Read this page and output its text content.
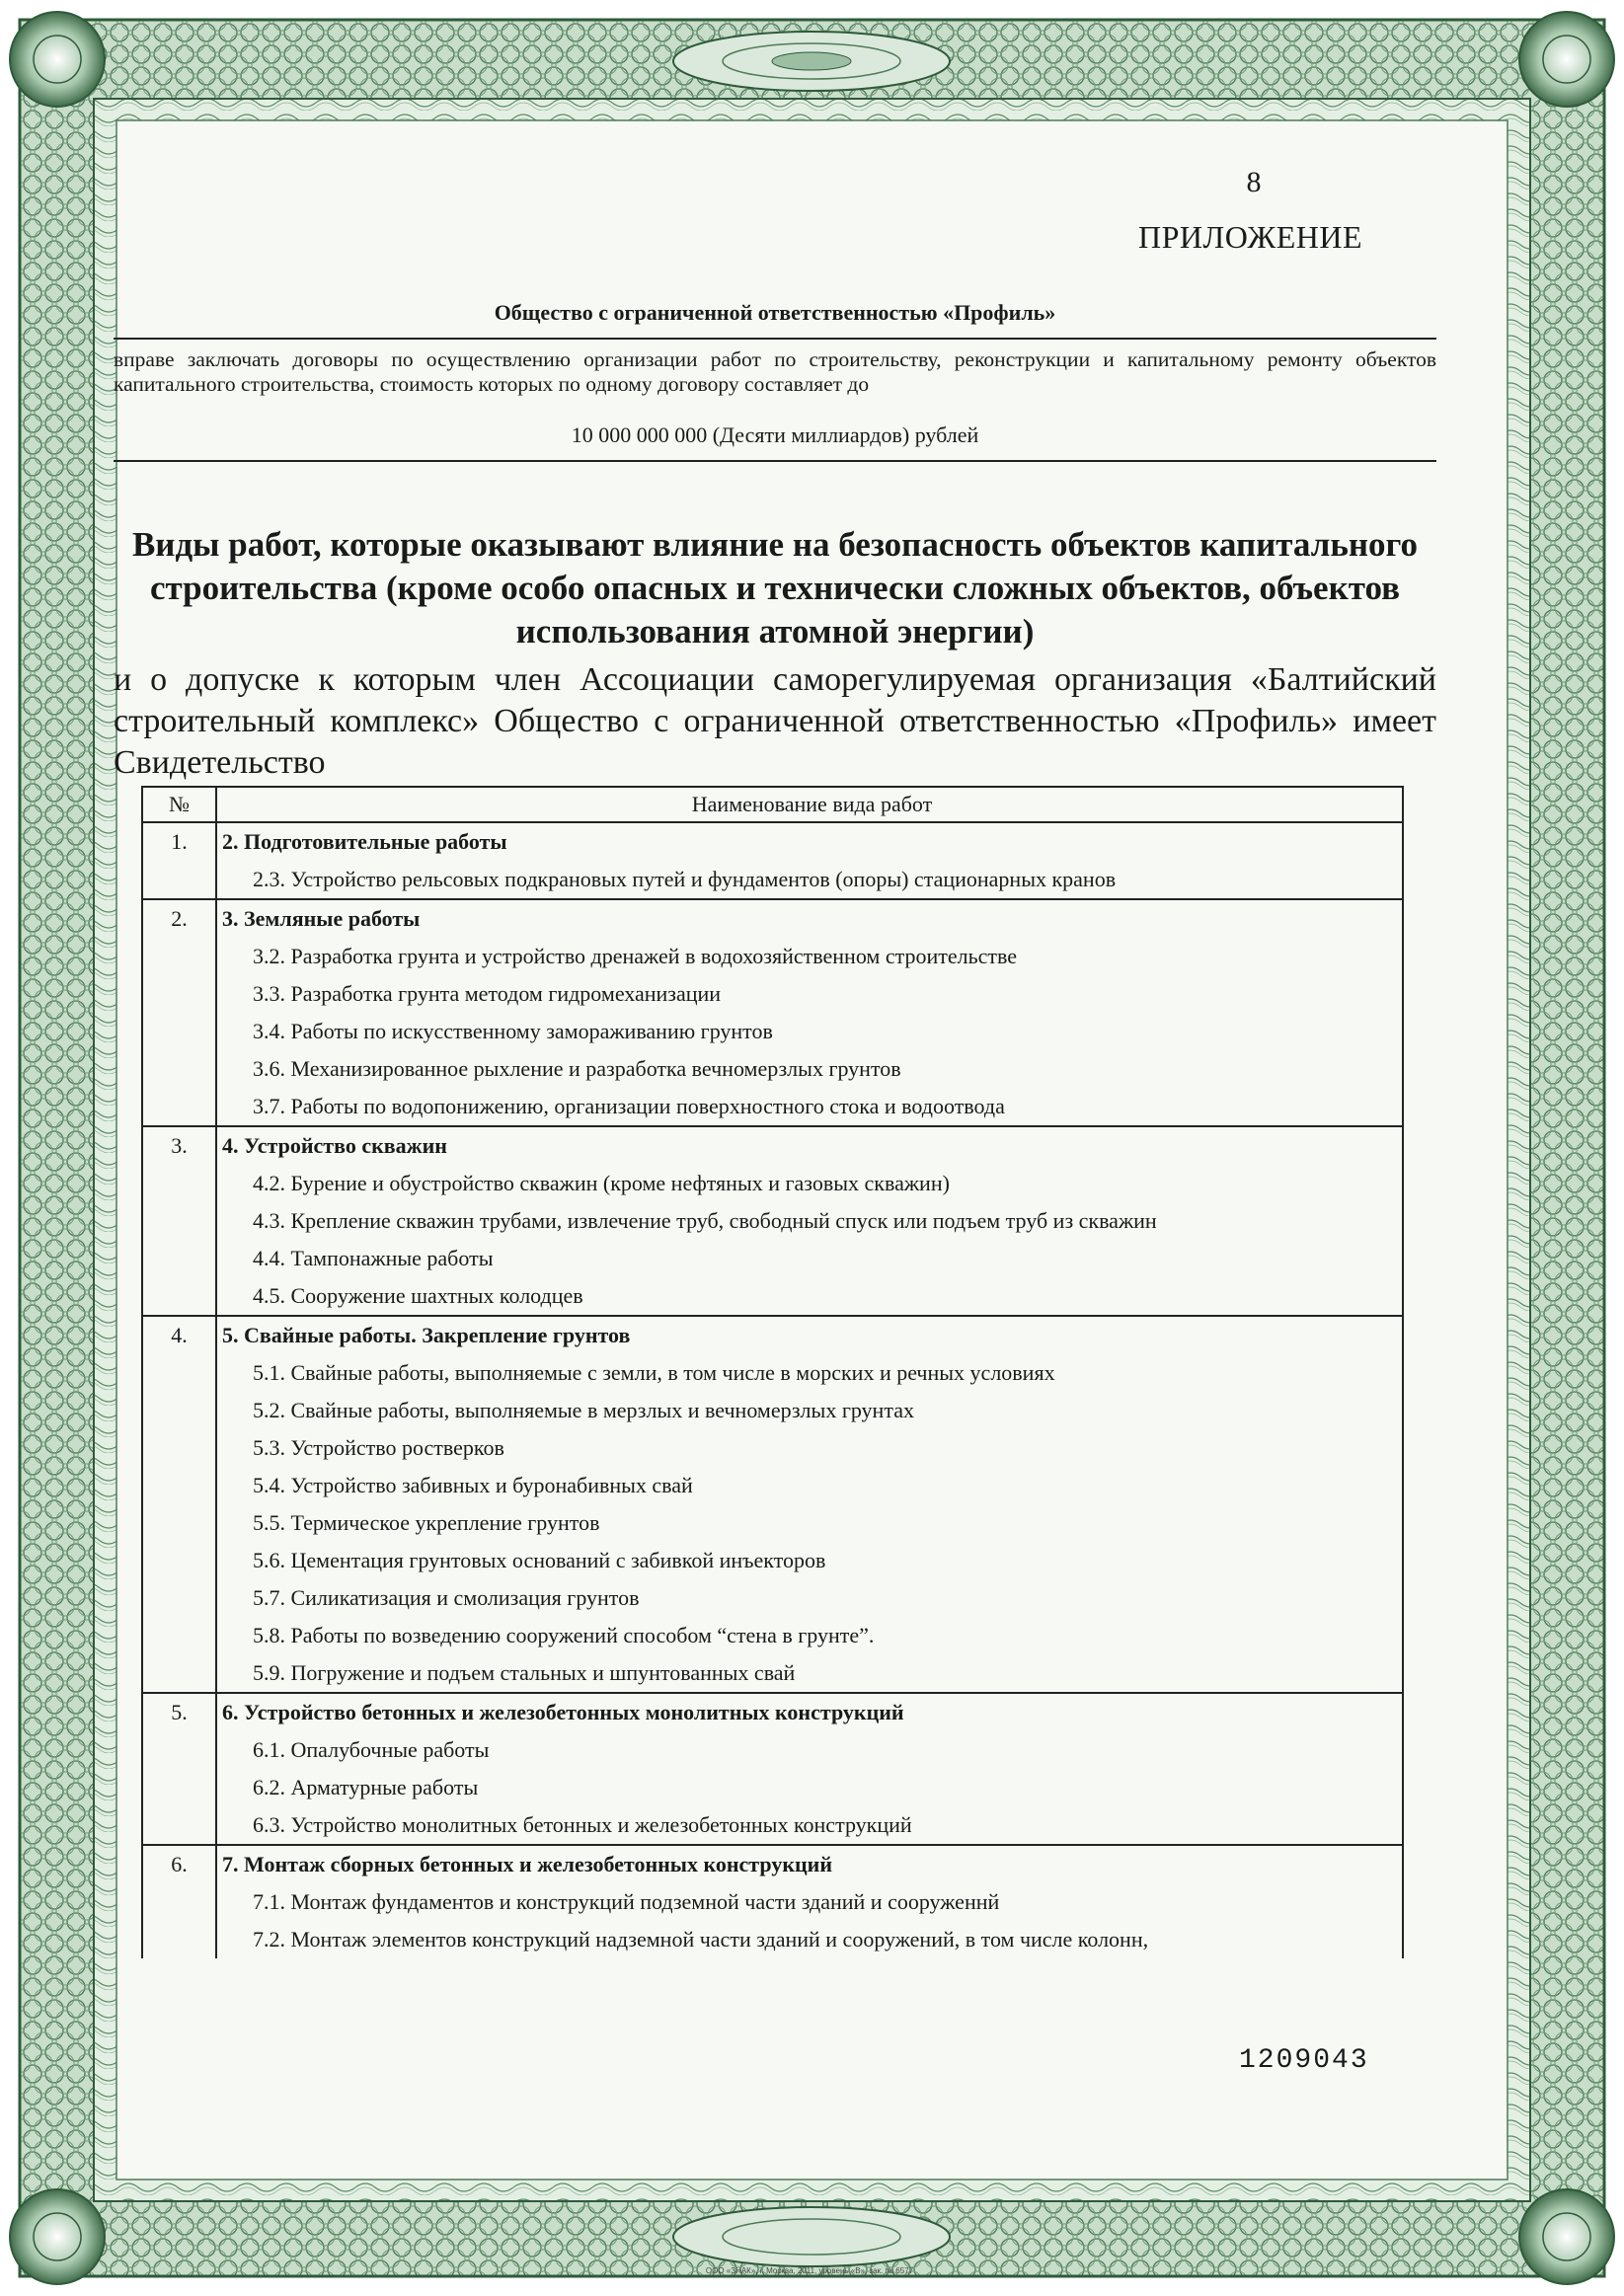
8
ПРИЛОЖЕНИЕ
Общество с ограниченной ответственностью «Профиль»
вправе заключать договоры по осуществлению организации работ по строительству, реконструкции и капитальному ремонту объектов капитального строительства, стоимость которых по одному договору составляет до
10 000 000 000 (Десяти миллиардов) рублей
Виды работ, которые оказывают влияние на безопасность объектов капитального строительства (кроме особо опасных и технически сложных объектов, объектов использования атомной энергии)
и о допуске к которым член Ассоциации саморегулируемая организация «Балтийский строительный комплекс» Общество с ограниченной ответственностью «Профиль» имеет Свидетельство
№	Наименование вида работ
1.	2. Подготовительные работы
	2.3. Устройство рельсовых подкрановых путей и фундаментов (опоры) стационарных кранов
2.	3. Земляные работы
	3.2. Разработка грунта и устройство дренажей в водохозяйственном строительстве
	3.3. Разработка грунта методом гидромеханизации
	3.4. Работы по искусственному замораживанию грунтов
	3.6. Механизированное рыхление и разработка вечномерзлых грунтов
	3.7. Работы по водопонижению, организации поверхностного стока и водоотвода
3.	4. Устройство скважин
	4.2. Бурение и обустройство скважин (кроме нефтяных и газовых скважин)
	4.3. Крепление скважин трубами, извлечение труб, свободный спуск или подъем труб из скважин
	4.4. Тампонажные работы
	4.5. Сооружение шахтных колодцев
4.	5. Свайные работы. Закрепление грунтов
	5.1. Свайные работы, выполняемые с земли, в том числе в морских и речных условиях
	5.2. Свайные работы, выполняемые в мерзлых и вечномерзлых грунтах
	5.3. Устройство ростверков
	5.4. Устройство забивных и буронабивных свай
	5.5. Термическое укрепление грунтов
	5.6. Цементация грунтовых оснований с забивкой инъекторов
	5.7. Силикатизация и смолизация грунтов
	5.8. Работы по возведению сооружений способом “стена в грунте”.
	5.9. Погружение и подъем стальных и шпунтованных свай
5.	6. Устройство бетонных и железобетонных монолитных конструкций
	6.1. Опалубочные работы
	6.2. Арматурные работы
	6.3. Устройство монолитных бетонных и железобетонных конструкций
6.	7. Монтаж сборных бетонных и железобетонных конструкций
	7.1. Монтаж фундаментов и конструкций подземной части зданий и сооруженнй
	7.2. Монтаж элементов конструкций надземной части зданий и сооружений, в том числе колонн,
1209043
ООО «ЗНАК», г. Москва, 2011, уровень «В», зак. № 6577
